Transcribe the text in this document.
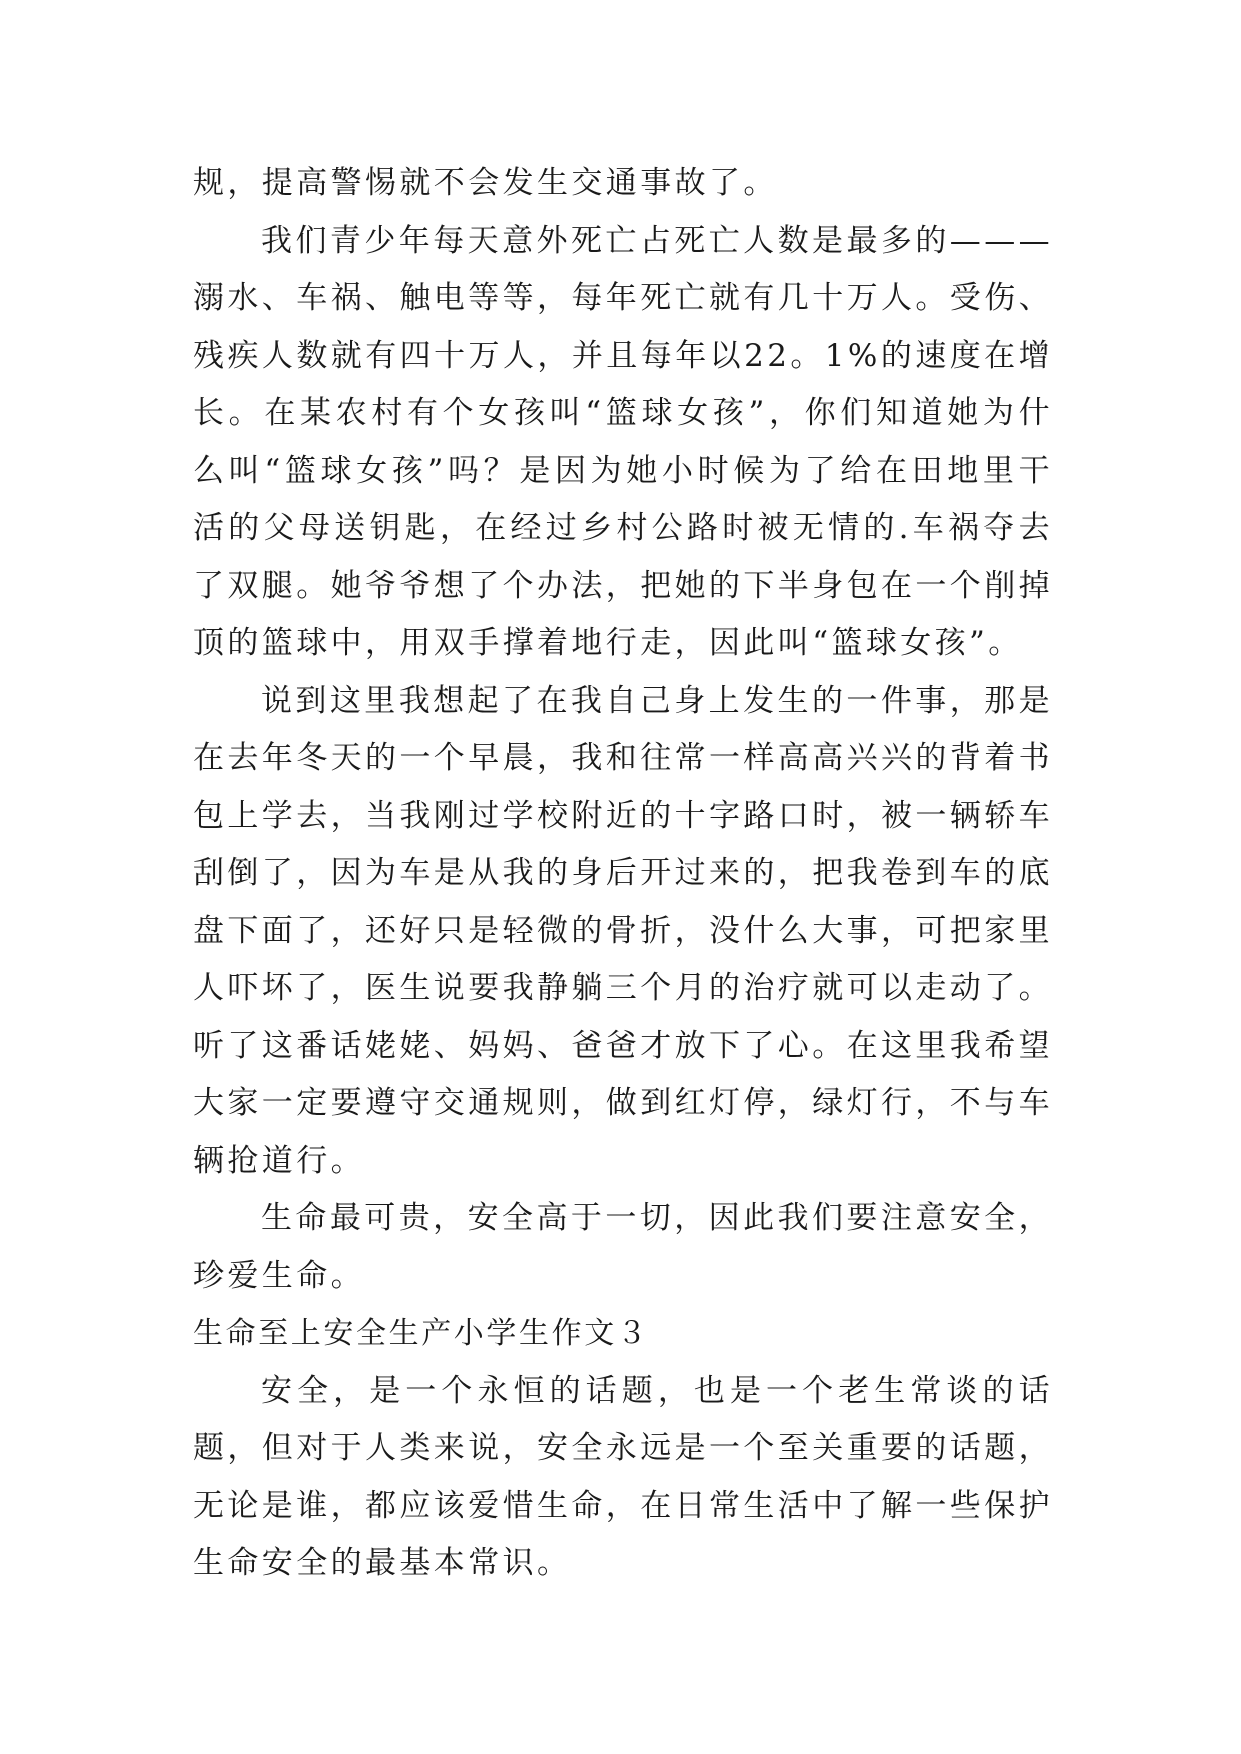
规，提高警惕就不会发生交通事故了。

我们青少年每天意外死亡占死亡人数是最多的———溺水、车祸、触电等等，每年死亡就有几十万人。受伤、残疾人数就有四十万人，并且每年以22。1%的速度在增长。在某农村有个女孩叫“篮球女孩”，你们知道她为什么叫“篮球女孩”吗？是因为她小时候为了给在田地里干活的父母送钥匙，在经过乡村公路时被无情的.车祸夺去了双腿。她爷爷想了个办法，把她的下半身包在一个削掉顶的篮球中，用双手撑着地行走，因此叫“篮球女孩”。

说到这里我想起了在我自己身上发生的一件事，那是在去年冬天的一个早晨，我和往常一样高高兴兴的背着书包上学去，当我刚过学校附近的十字路口时，被一辆轿车刮倒了，因为车是从我的身后开过来的，把我卷到车的底盘下面了，还好只是轻微的骨折，没什么大事，可把家里人吓坏了，医生说要我静躺三个月的治疗就可以走动了。听了这番话姥姥、妈妈、爸爸才放下了心。在这里我希望大家一定要遵守交通规则，做到红灯停，绿灯行，不与车辆抢道行。

生命最可贵，安全高于一切，因此我们要注意安全，珍爱生命。

生命至上安全生产小学生作文３

安全，是一个永恒的话题，也是一个老生常谈的话题，但对于人类来说，安全永远是一个至关重要的话题，无论是谁，都应该爱惜生命，在日常生活中了解一些保护生命安全的最基本常识。
